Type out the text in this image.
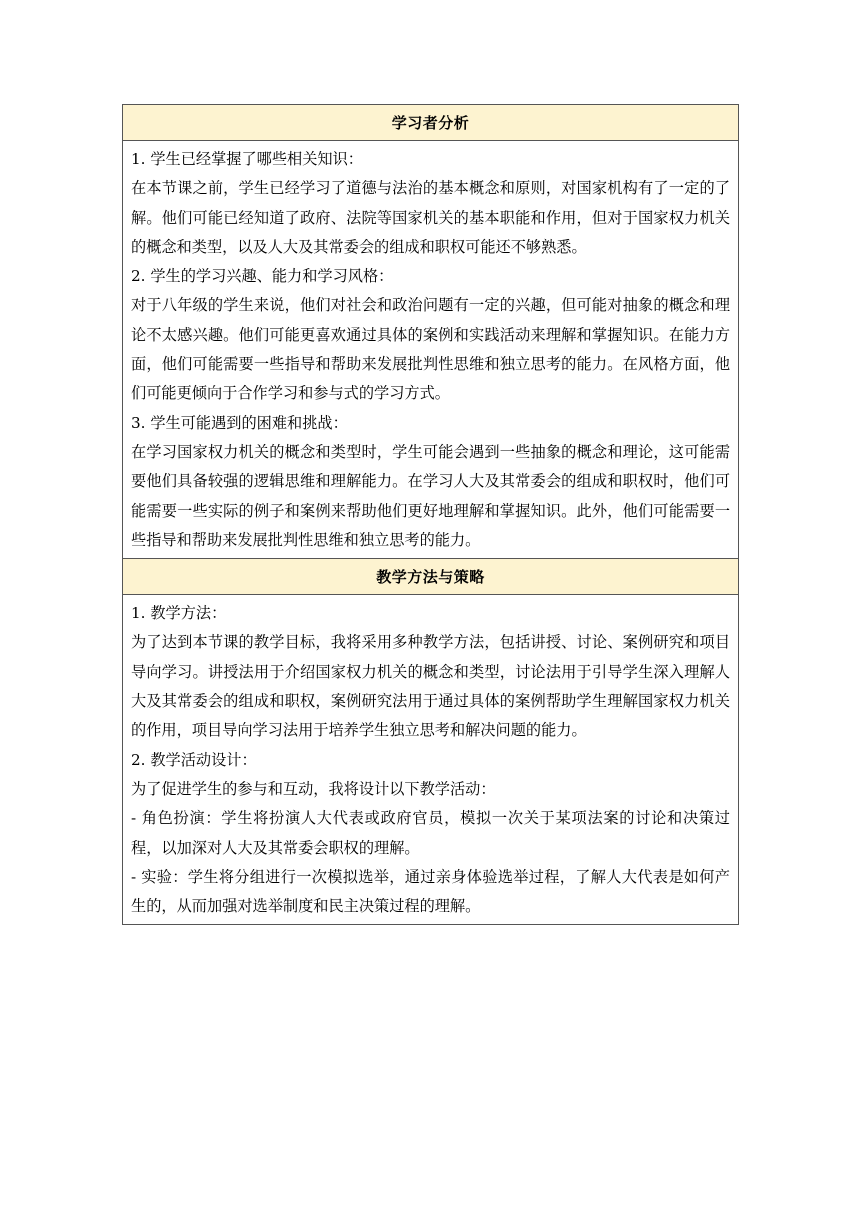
学习者分析

1. 学生已经掌握了哪些相关知识：

在本节课之前，学生已经学习了道德与法治的基本概念和原则，对国家机构有了一定的了解。他们可能已经知道了政府、法院等国家机关的基本职能和作用，但对于国家权力机关的概念和类型，以及人大及其常委会的组成和职权可能还不够熟悉。

2. 学生的学习兴趣、能力和学习风格：

对于八年级的学生来说，他们对社会和政治问题有一定的兴趣，但可能对抽象的概念和理论不太感兴趣。他们可能更喜欢通过具体的案例和实践活动来理解和掌握知识。在能力方面，他们可能需要一些指导和帮助来发展批判性思维和独立思考的能力。在风格方面，他们可能更倾向于合作学习和参与式的学习方式。

3. 学生可能遇到的困难和挑战：

在学习国家权力机关的概念和类型时，学生可能会遇到一些抽象的概念和理论，这可能需要他们具备较强的逻辑思维和理解能力。在学习人大及其常委会的组成和职权时，他们可能需要一些实际的例子和案例来帮助他们更好地理解和掌握知识。此外，他们可能需要一些指导和帮助来发展批判性思维和独立思考的能力。

教学方法与策略

1. 教学方法：

为了达到本节课的教学目标，我将采用多种教学方法，包括讲授、讨论、案例研究和项目导向学习。讲授法用于介绍国家权力机关的概念和类型，讨论法用于引导学生深入理解人大及其常委会的组成和职权，案例研究法用于通过具体的案例帮助学生理解国家权力机关的作用，项目导向学习法用于培养学生独立思考和解决问题的能力。

2. 教学活动设计：

为了促进学生的参与和互动，我将设计以下教学活动：

- 角色扮演：学生将扮演人大代表或政府官员，模拟一次关于某项法案的讨论和决策过程，以加深对人大及其常委会职权的理解。

- 实验：学生将分组进行一次模拟选举，通过亲身体验选举过程，了解人大代表是如何产生的，从而加强对选举制度和民主决策过程的理解。
